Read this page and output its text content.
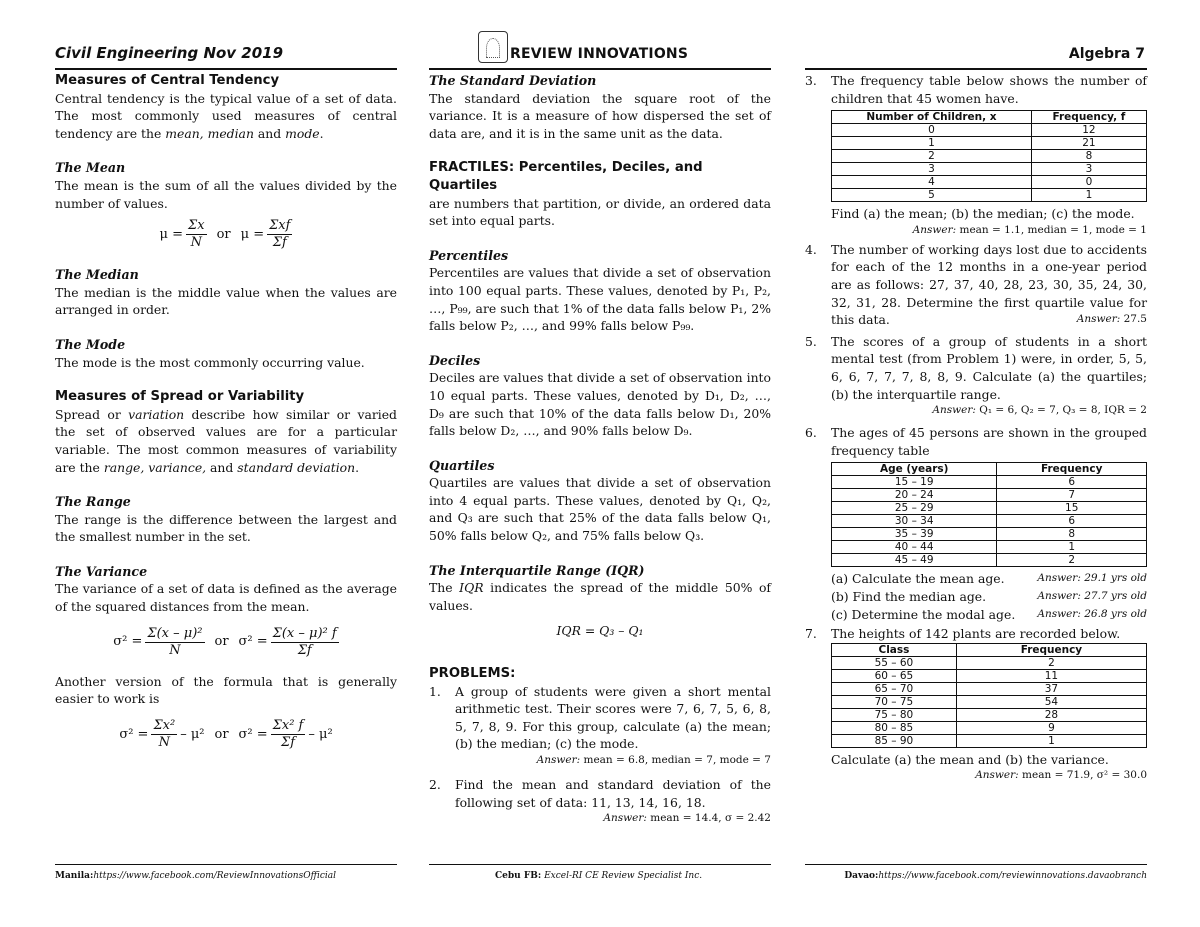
Civil Engineering Nov 2019	REVIEW INNOVATIONS	Algebra 7
Measures of Central Tendency

Central tendency is the typical value of a set of data. The most commonly used measures of central tendency are the mean, median and mode.

The Mean

The mean is the sum of all the values divided by the number of values.

$\mu = \frac{\Sigma x}{N}$ or $\mu = \frac{\text{Σxf}}{\Sigma f}$
The Median

The median is the middle value when the values are arranged in order.

The Mode

The mode is the most commonly occurring value.

Measures of Spread or Variability

Spread or variation describe how similar or varied the set of observed values are for a particular variable. The most common measures of variability are the range, variance, and standard deviation.

The Range

The range is the difference between the largest and the smallest number in the set.

The Variance

The variance of a set of data is defined as the average of the squared distances from the mean.

$\sigma^2 = \frac{\text{Σ(x – μ)²}}{N}$ or $\sigma^2 = \frac{\text{Σ(x – μ)² f}}{\Sigma f}$

Another version of the formula that is generally easier to work is

$\sigma^2 = \frac{\text{Σx²}}{N} - \mu^2$ or $\sigma^2 = \frac{\text{Σx² f}}{\Sigma f} - \mu^2$
The Standard Deviation

The standard deviation the square root of the variance. It is a measure of how dispersed the set of data are, and it is in the same unit as the data.

FRACTILES: Percentiles, Deciles, and Quartiles

are numbers that partition, or divide, an ordered data set into equal parts.

Percentiles

Percentiles are values that divide a set of observation into 100 equal parts. These values, denoted by P₁, P₂, …, P₉₉, are such that 1% of the data falls below P₁, 2% falls below P₂, …, and 99% falls below P₉₉.

Deciles

Deciles are values that divide a set of observation into 10 equal parts. These values, denoted by D₁, D₂, …, D₉ are such that 10% of the data falls below D₁, 20% falls below D₂, …, and 90% falls below D₉.

Quartiles

Quartiles are values that divide a set of observation into 4 equal parts. These values, denoted by Q₁, Q₂, and Q₃ are such that 25% of the data falls below Q₁, 50% falls below Q₂, and 75% falls below Q₃.

The Interquartile Range (IQR)

The IQR indicates the spread of the middle 50% of values.

IQR = Q₃ – Q₁
PROBLEMS:
1. A group of students were given a short mental arithmetic test. Their scores were 7, 6, 7, 5, 6, 8, 5, 7, 8, 9. For this group, calculate (a) the mean; (b) the median; (c) the mode.
Answer: mean = 6.8, median = 7, mode = 7
2. Find the mean and standard deviation of the following set of data: 11, 13, 14, 16, 18.
Answer: mean = 14.4, σ = 2.42
3. The frequency table below shows the number of children that 45 women have.
Number of Children, x	Frequency, f
0	12
1	21
2	8
3	3
4	0
5	1
Find (a) the mean; (b) the median; (c) the mode.
Answer: mean = 1.1, median = 1, mode = 1
4. The number of working days lost due to accidents for each of the 12 months in a one-year period are as follows: 27, 37, 40, 28, 23, 30, 35, 24, 30, 32, 31, 28. Determine the first quartile value for this data.	Answer: 27.5
5. The scores of a group of students in a short mental test (from Problem 1) were, in order, 5, 5, 6, 6, 7, 7, 7, 8, 8, 9. Calculate (a) the quartiles; (b) the interquartile range.
Answer: Q₁ = 6, Q₂ = 7, Q₃ = 8, IQR = 2
6. The ages of 45 persons are shown in the grouped frequency table
Age (years)	Frequency
15 – 19	6
20 – 24	7
25 – 29	15
30 – 34	6
35 – 39	8
40 – 44	1
45 – 49	2
(a) Calculate the mean age.	Answer: 29.1 yrs old
(b) Find the median age.	Answer: 27.7 yrs old
(c) Determine the modal age. Answer: 26.8 yrs old
7. The heights of 142 plants are recorded below.
Class	Frequency
55 – 60	2
60 – 65	11
65 – 70	37
70 – 75	54
75 – 80	28
80 – 85	9
85 – 90	1
Calculate (a) the mean and (b) the variance.
Answer: mean = 71.9, σ² = 30.0
Manila:https://www.facebook.com/ReviewInnovationsOfficial	Cebu FB: Excel-RI CE Review Specialist Inc.	Davao:https://www.facebook.com/reviewinnovations.davaobranch
